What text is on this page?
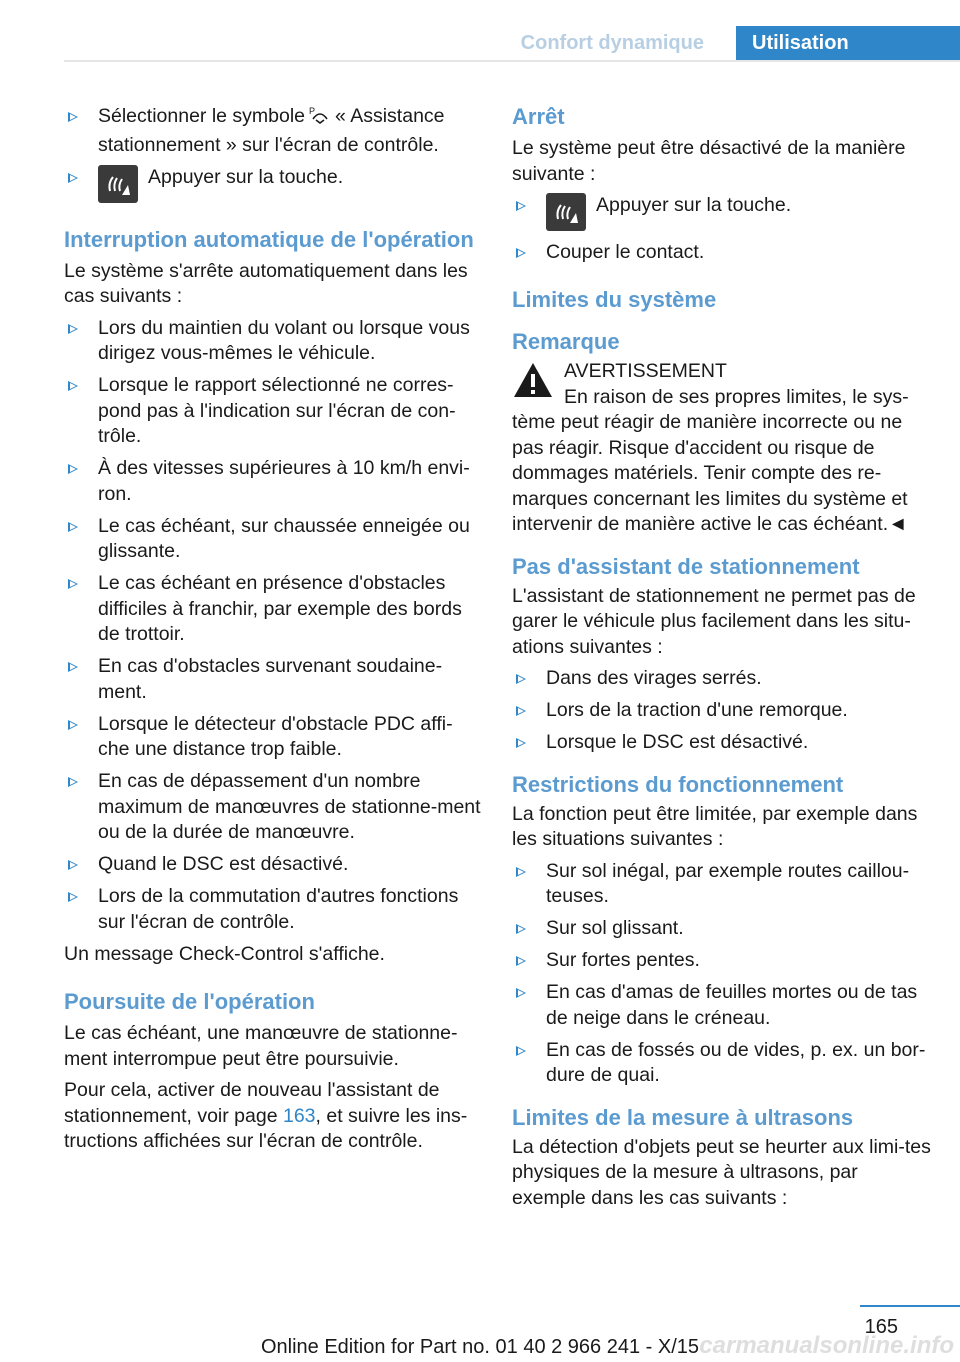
Confort dynamique	Utilisation
Sélectionner le symbole P « Assistance stationnement » sur l'écran de contrôle.
Appuyer sur la touche.
Interruption automatique de l'opération

Le système s'arrête automatiquement dans les cas suivants :

Lors du maintien du volant ou lorsque vous dirigez vous-mêmes le véhicule.
Lorsque le rapport sélectionné ne corres‐pond pas à l'indication sur l'écran de con‐trôle.
À des vitesses supérieures à 10 km/h envi‐ron.
Le cas échéant, sur chaussée enneigée ou glissante.
Le cas échéant en présence d'obstacles difficiles à franchir, par exemple des bords de trottoir.
En cas d'obstacles survenant soudaine‐ment.
Lorsque le détecteur d'obstacle PDC affi‐che une distance trop faible.
En cas de dépassement d'un nombre maximum de manœuvres de stationne‐ment ou de la durée de manœuvre.
Quand le DSC est désactivé.
Lors de la commutation d'autres fonctions sur l'écran de contrôle.

Un message Check-Control s'affiche.

Poursuite de l'opération

Le cas échéant, une manœuvre de stationne‐ment interrompue peut être poursuivie.

Pour cela, activer de nouveau l'assistant de stationnement, voir page 163, et suivre les ins‐tructions affichées sur l'écran de contrôle.

Arrêt

Le système peut être désactivé de la manière suivante :

Appuyer sur la touche.
Couper le contact.
Limites du système
Remarque

AVERTISSEMENT

En raison de ses propres limites, le sys‐tème peut réagir de manière incorrecte ou ne pas réagir. Risque d'accident ou risque de dommages matériels. Tenir compte des re‐marques concernant les limites du système et intervenir de manière active le cas échéant.◄

Pas d'assistant de stationnement

L'assistant de stationnement ne permet pas de garer le véhicule plus facilement dans les situ‐ations suivantes :

Dans des virages serrés.
Lors de la traction d'une remorque.
Lorsque le DSC est désactivé.
Restrictions du fonctionnement

La fonction peut être limitée, par exemple dans les situations suivantes :

Sur sol inégal, par exemple routes caillou‐teuses.
Sur sol glissant.
Sur fortes pentes.
En cas d'amas de feuilles mortes ou de tas de neige dans le créneau.
En cas de fossés ou de vides, p. ex. un bor‐dure de quai.
Limites de la mesure à ultrasons

La détection d'objets peut se heurter aux limi‐tes physiques de la mesure à ultrasons, par exemple dans les cas suivants :

165
Online Edition for Part no. 01 40 2 966 241 - X/15 carmanualsonline.info
